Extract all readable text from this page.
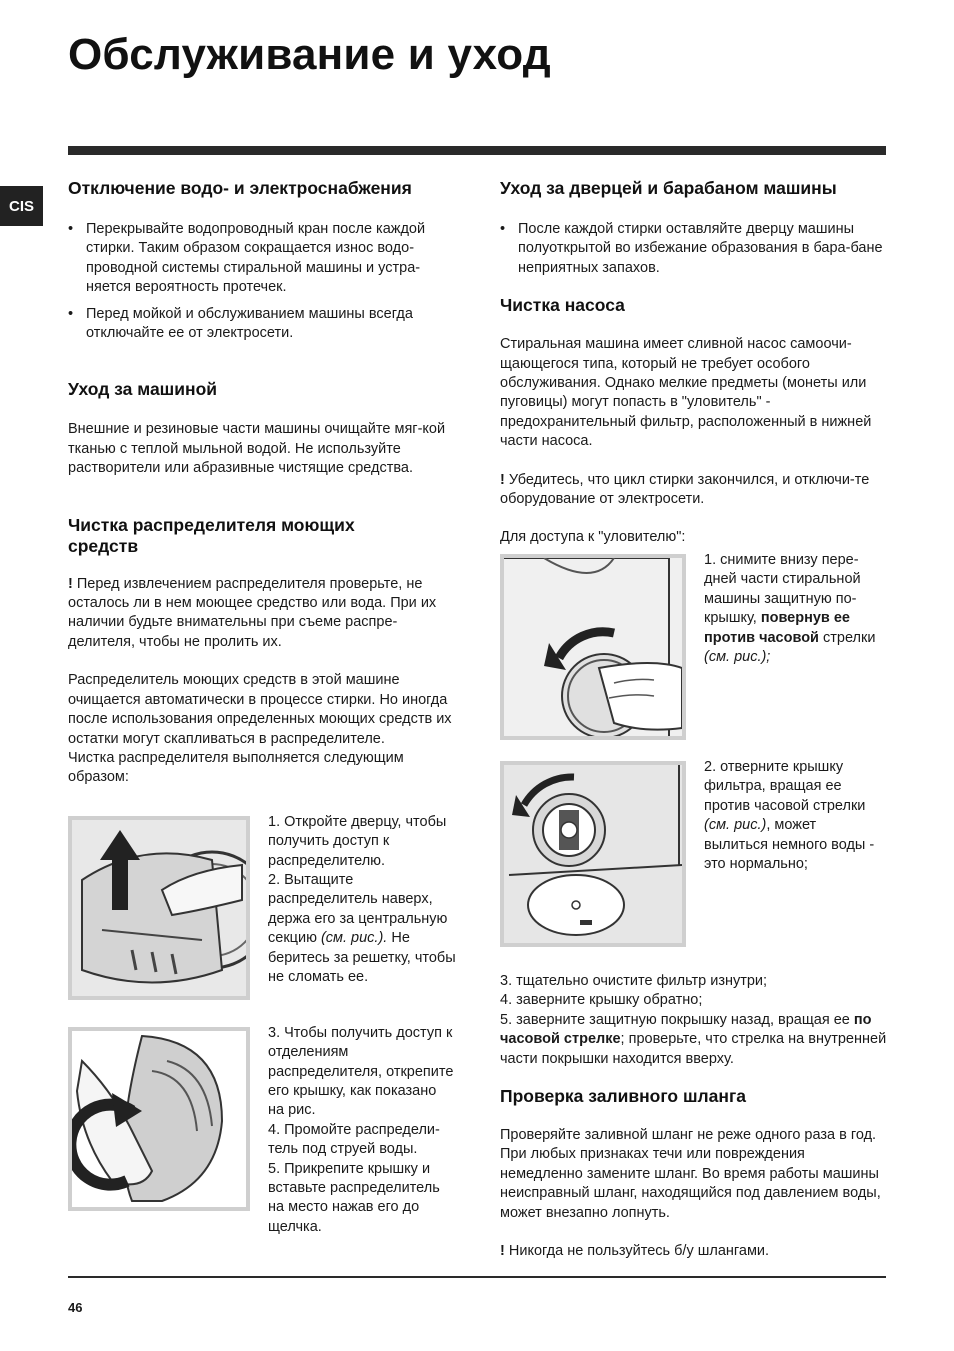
Обслуживание и уход
CIS
Отключение водо- и электроснабжения
• Перекрывайте водопроводный кран после каждой стирки. Таким образом сокращается износ водо-проводной системы стиральной машины и устра-няется вероятность протечек.
• Перед мойкой и обслуживанием машины всегда отключайте ее от электросети.
Уход за машиной

Внешние и резиновые части машины очищайте мяг-кой тканью с теплой мыльной водой. Не используйте растворители или абразивные чистящие средства.

Чистка распределителя моющих средств

! Перед извлечением распределителя проверьте, не осталось ли в нем моющее средство или вода. При их наличии будьте внимательны при съеме распре-делителя, чтобы не пролить их.

Распределитель моющих средств в этой машине очищается автоматически в процессе стирки. Но иногда после использования определенных моющих средств их остатки могут скапливаться в распределителе.

Чистка распределителя выполняется следующим образом:

1. Откройте дверцу, чтобы получить доступ к распределителю.

2. Вытащите распределитель наверх, держа его за центральную секцию (см. рис.). Не беритесь за решетку, чтобы не сломать ее.

3. Чтобы получить доступ к отделениям распределителя, открепите его крышку, как показано на рис.

4. Промойте распредели-тель под струей воды.

5. Прикрепите крышку и вставьте распределитель на место нажав его до щелчка.

Уход за дверцей и барабаном машины
• После каждой стирки оставляйте дверцу машины полуоткрытой во избежание образования в бара-бане неприятных запахов.
Чистка насоса

Стиральная машина имеет сливной насос самоочи-щающегося типа, который не требует особого обслуживания. Однако мелкие предметы (монеты или пуговицы) могут попасть в "уловитель" - предохранительный фильтр, расположенный в нижней части насоса.

! Убедитесь, что цикл стирки закончился, и отключи-те оборудование от электросети.

Для доступа к "уловителю":

1. снимите внизу пере-дней части стиральной машины защитную по-крышку, повернув ее против часовой стрелки (см. рис.);

2. отверните крышку фильтра, вращая ее против часовой стрелки (см. рис.), может вылиться немного воды - это нормально;

3. тщательно очистите фильтр изнутри;

4. заверните крышку обратно;

5. заверните защитную покрышку назад, вращая ее по часовой стрелке; проверьте, что стрелка на внутренней части покрышки находится вверху.

Проверка заливного шланга

Проверяйте заливной шланг не реже одного раза в год. При любых признаках течи или повреждения немедленно замените шланг. Во время работы машины неисправный шланг, находящийся под давлением воды, может внезапно лопнуть.

! Никогда не пользуйтесь б/у шлангами.

46
